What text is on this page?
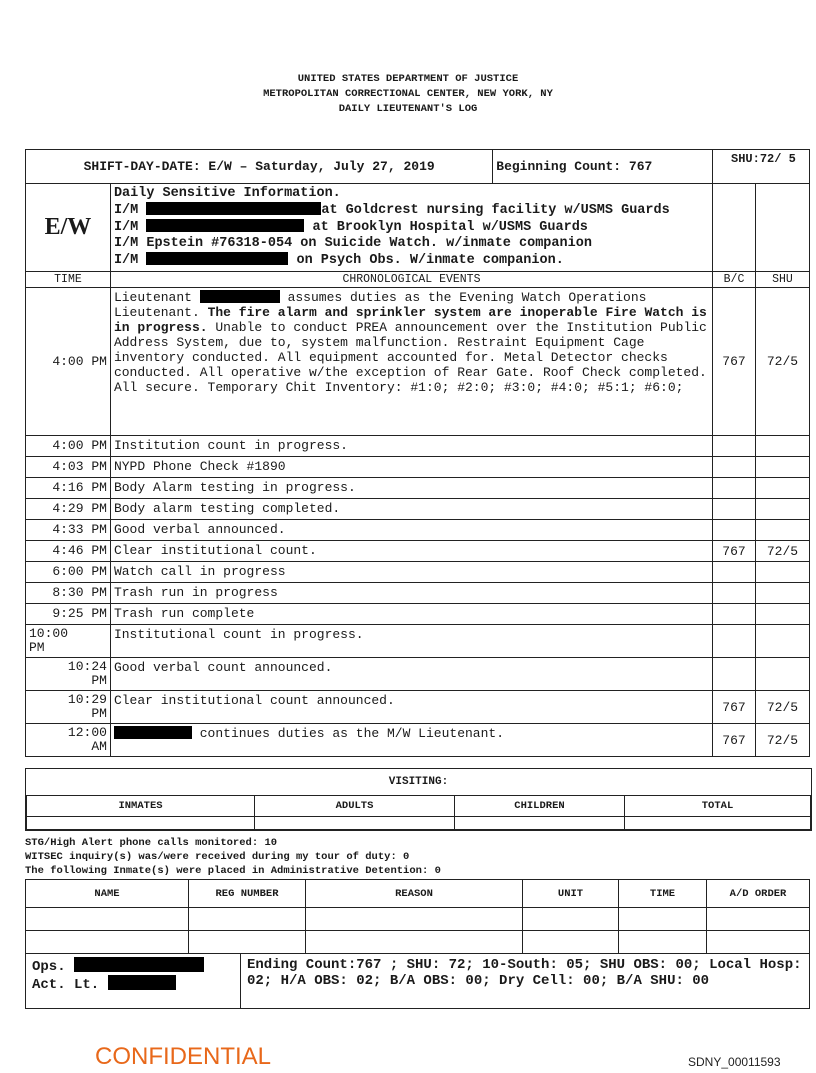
UNITED STATES DEPARTMENT OF JUSTICE
METROPOLITAN CORRECTIONAL CENTER, NEW YORK, NY
DAILY LIEUTENANT'S LOG
SHIFT-DAY-DATE: E/W – Saturday, July 27, 2019		Beginning Count: 767	SHU:72/ 5	
E/W	Daily Sensitive Information.
I/M at Goldcrest nursing facility w/USMS Guards
I/M at Brooklyn Hospital w/USMS Guards
I/M Epstein #76318-054 on Suicide Watch. w/inmate companion
I/M on Psych Obs. W/inmate companion.			

TIME	CHRONOLOGICAL EVENTS		B/C	SHU
4:00 PM	Lieutenant assumes duties as the Evening Watch Operations Lieutenant. The fire alarm and sprinkler system are inoperable Fire Watch is in progress. Unable to conduct PREA announcement over the Institution Public Address System, due to, system malfunction. Restraint Equipment Cage inventory conducted. All equipment accounted for. Metal Detector checks conducted. All operative w/the exception of Rear Gate. Roof Check completed. All secure. Temporary Chit Inventory: #1:0; #2:0; #3:0; #4:0; #5:1; #6:0;		767	72/5
4:00 PM	Institution count in progress.			
4:03 PM	NYPD Phone Check #1890			
4:16 PM	Body Alarm testing in progress.			
4:29 PM	Body alarm testing completed.			
4:33 PM	Good verbal announced.			
4:46 PM	Clear institutional count.		767	72/5
6:00 PM	Watch call in progress			
8:30 PM	Trash run in progress			
9:25 PM	Trash run complete			
10:00
PM	Institutional count in progress.			
10:24
PM	Good verbal count announced.			
10:29
PM	Clear institutional count announced.		767	72/5
12:00
AM	continues duties as the M/W Lieutenant.		767	72/5
VISITING:
INMATES	ADULTS	CHILDREN	TOTAL

STG/High Alert phone calls monitored: 10
WITSEC inquiry(s) was/were received during my tour of duty: 0
The following Inmate(s) were placed in Administrative Detention: 0
NAME	REG NUMBER	REASON	UNIT	TIME	A/D ORDER

Ops.
Act. Lt.
	Ending Count:767 ; SHU: 72; 10-South: 05; SHU OBS: 00; Local Hosp: 02; H/A OBS: 02; B/A OBS: 00; Dry Cell: 00; B/A SHU: 00
CONFIDENTIAL	SDNY_00011593
